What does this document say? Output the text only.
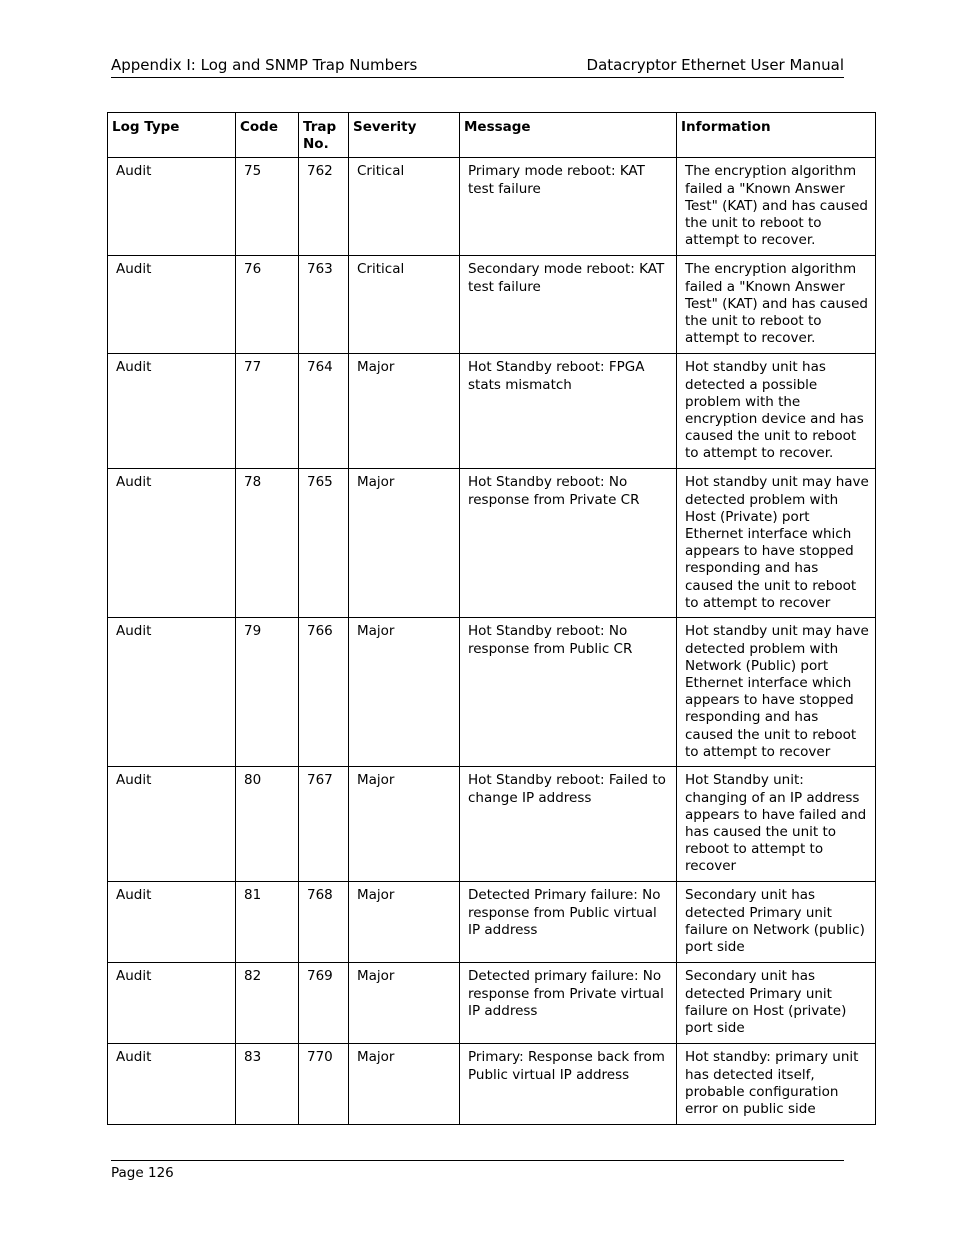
Appendix I: Log and SNMP Trap Numbers	Datacryptor Ethernet User Manual
Log Type	Code	Trap No.	Severity	Message	Information
Audit	75	762	Critical	Primary mode reboot: KAT test failure	The encryption algorithm failed a "Known Answer Test" (KAT) and has caused the unit to reboot to attempt to recover.
Audit	76	763	Critical	Secondary mode reboot: KAT test failure	The encryption algorithm failed a "Known Answer Test" (KAT) and has caused the unit to reboot to attempt to recover.
Audit	77	764	Major	Hot Standby reboot: FPGA stats mismatch	Hot standby unit has detected a possible problem with the encryption device and has caused the unit to reboot to attempt to recover.
Audit	78	765	Major	Hot Standby reboot: No response from Private CR	Hot standby unit may have detected problem with Host (Private) port Ethernet interface which appears to have stopped responding and has caused the unit to reboot to attempt to recover
Audit	79	766	Major	Hot Standby reboot: No response from Public CR	Hot standby unit may have detected problem with Network (Public) port Ethernet interface which appears to have stopped responding and has caused the unit to reboot to attempt to recover
Audit	80	767	Major	Hot Standby reboot: Failed to change IP address	Hot Standby unit: changing of an IP address appears to have failed and has caused the unit to reboot to attempt to recover
Audit	81	768	Major	Detected Primary failure: No response from Public virtual IP address	Secondary unit has detected Primary unit failure on Network (public) port side
Audit	82	769	Major	Detected primary failure: No response from Private virtual IP address	Secondary unit has detected Primary unit failure on Host (private) port side
Audit	83	770	Major	Primary: Response back from Public virtual IP address	Hot standby: primary unit has detected itself, probable configuration error on public side
Page 126
